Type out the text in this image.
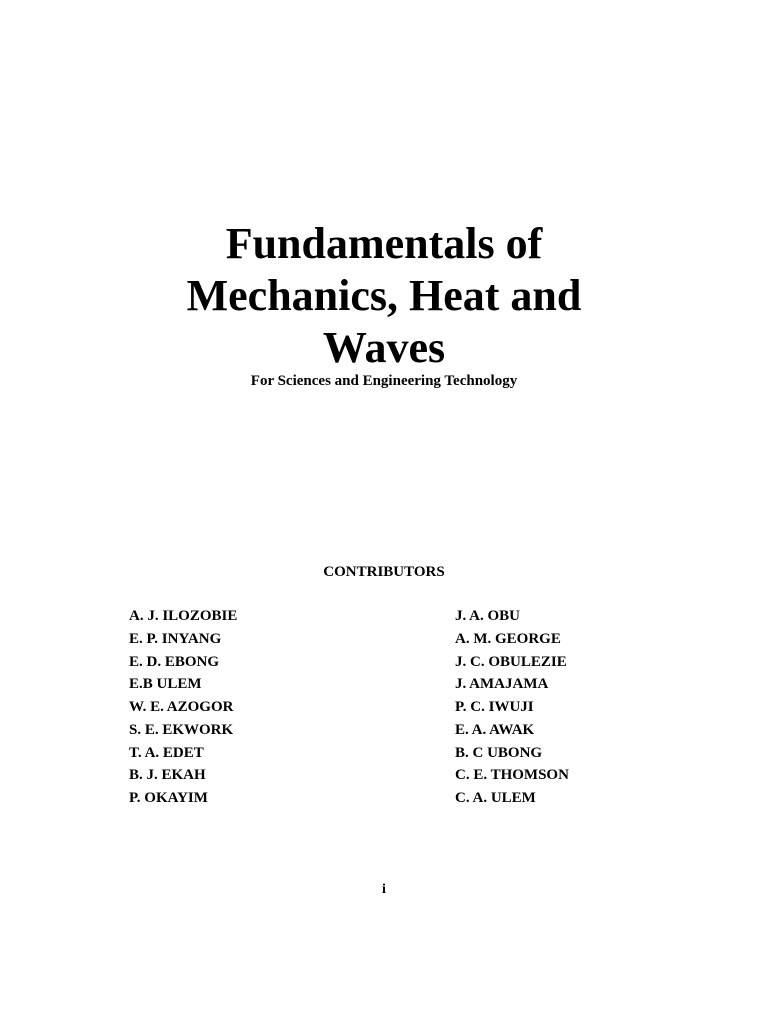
Fundamentals of
Mechanics, Heat and
Waves
For Sciences and Engineering Technology
CONTRIBUTORS
A. J. ILOZOBIE
E. P. INYANG
E. D. EBONG
E.B ULEM
W. E. AZOGOR
S. E. EKWORK
T. A. EDET
B. J. EKAH
P. OKAYIM
J. A. OBU
A. M. GEORGE
J. C. OBULEZIE
J. AMAJAMA
P. C. IWUJI
E. A. AWAK
B. C UBONG
C. E. THOMSON
C. A. ULEM
i
